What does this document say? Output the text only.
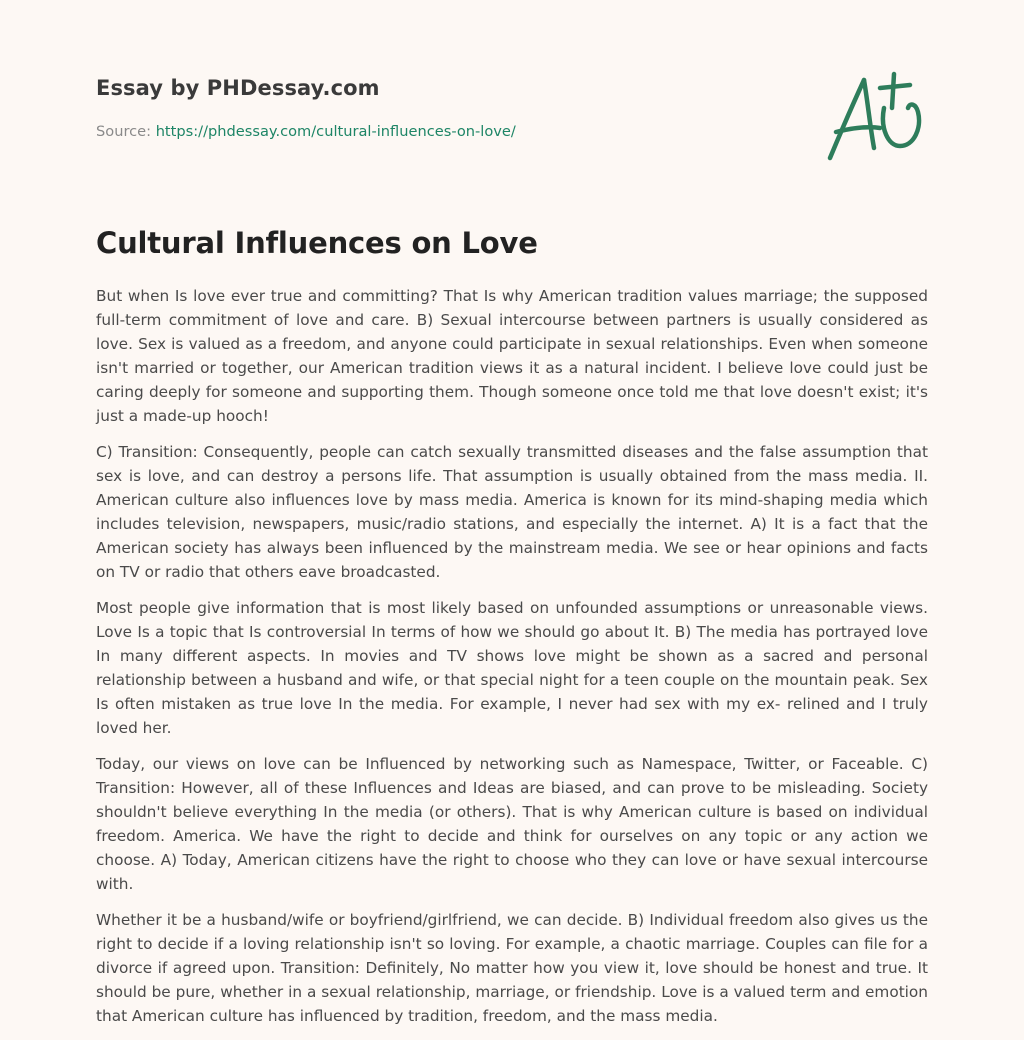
Essay by PHDessay.com
Source: https://phdessay.com/cultural-influences-on-love/
Cultural Influences on Love

But when Is love ever true and committing? That Is why American tradition values marriage; the supposed full-term commitment of love and care. B) Sexual intercourse between partners is usually considered as love. Sex is valued as a freedom, and anyone could participate in sexual relationships. Even when someone isn't married or together, our American tradition views it as a natural incident. I believe love could just be caring deeply for someone and supporting them. Though someone once told me that love doesn't exist; it's just a made-up hooch!

C) Transition: Consequently, people can catch sexually transmitted diseases and the false assumption that sex is love, and can destroy a persons life. That assumption is usually obtained from the mass media. II. American culture also influences love by mass media. America is known for its mind-shaping media which includes television, newspapers, music/radio stations, and especially the internet. A) It is a fact that the American society has always been influenced by the mainstream media. We see or hear opinions and facts on TV or radio that others eave broadcasted.

Most people give information that is most likely based on unfounded assumptions or unreasonable views. Love Is a topic that Is controversial In terms of how we should go about It. B) The media has portrayed love In many different aspects. In movies and TV shows love might be shown as a sacred and personal relationship between a husband and wife, or that special night for a teen couple on the mountain peak. Sex Is often mistaken as true love In the media. For example, I never had sex with my ex- relined and I truly loved her.

Today, our views on love can be Influenced by networking such as Namespace, Twitter, or Faceable. C) Transition: However, all of these Influences and Ideas are biased, and can prove to be misleading. Society shouldn't believe everything In the media (or others). That is why American culture is based on individual freedom. America. We have the right to decide and think for ourselves on any topic or any action we choose. A) Today, American citizens have the right to choose who they can love or have sexual intercourse with.

Whether it be a husband/wife or boyfriend/girlfriend, we can decide. B) Individual freedom also gives us the right to decide if a loving relationship isn't so loving. For example, a chaotic marriage. Couples can file for a divorce if agreed upon. Transition: Definitely, No matter how you view it, love should be honest and true. It should be pure, whether in a sexual relationship, marriage, or friendship. Love is a valued term and emotion that American culture has influenced by tradition, freedom, and the mass media.
